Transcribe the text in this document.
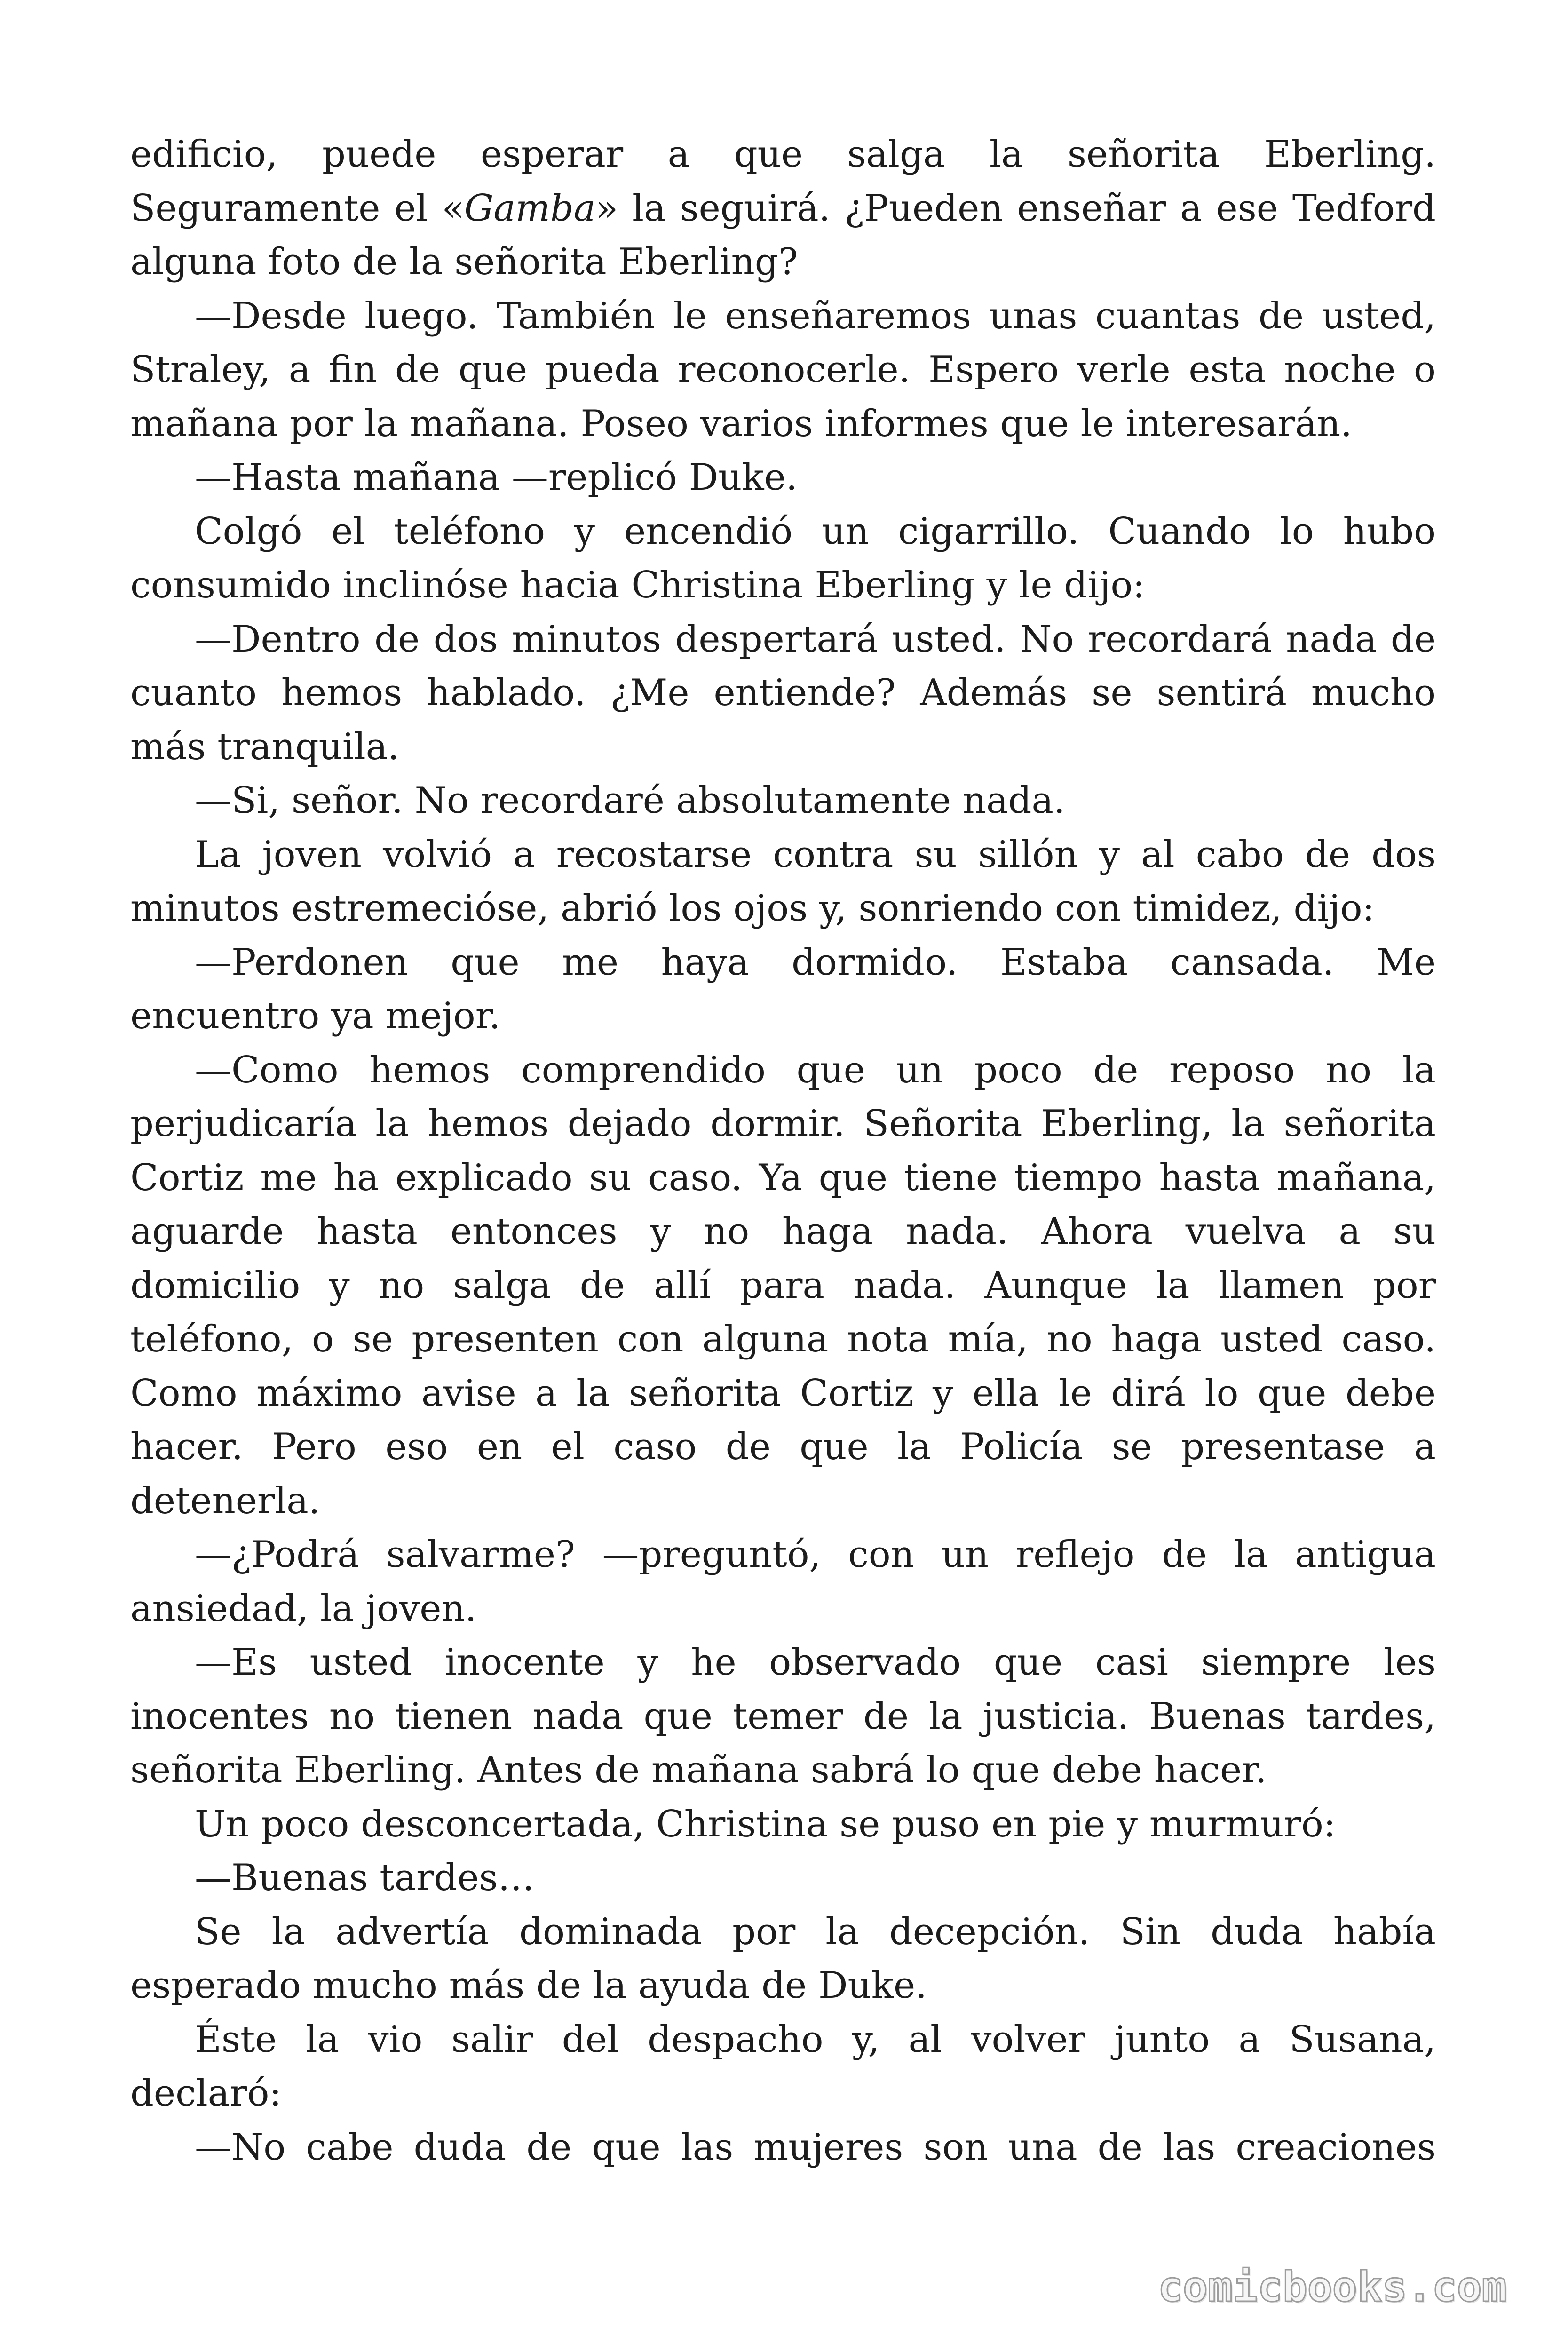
edificio, puede esperar a que salga la señorita Eberling.
Seguramente el «Gamba» la seguirá. ¿Pueden enseñar a ese Tedford
alguna foto de la señorita Eberling?
—Desde luego. También le enseñaremos unas cuantas de usted,
Straley, a fin de que pueda reconocerle. Espero verle esta noche o
mañana por la mañana. Poseo varios informes que le interesarán.
—Hasta mañana —replicó Duke.
Colgó el teléfono y encendió un cigarrillo. Cuando lo hubo
consumido inclinóse hacia Christina Eberling y le dijo:
—Dentro de dos minutos despertará usted. No recordará nada de
cuanto hemos hablado. ¿Me entiende? Además se sentirá mucho
más tranquila.
—Si, señor. No recordaré absolutamente nada.
La joven volvió a recostarse contra su sillón y al cabo de dos
minutos estremecióse, abrió los ojos y, sonriendo con timidez, dijo:
—Perdonen que me haya dormido. Estaba cansada. Me
encuentro ya mejor.
—Como hemos comprendido que un poco de reposo no la
perjudicaría la hemos dejado dormir. Señorita Eberling, la señorita
Cortiz me ha explicado su caso. Ya que tiene tiempo hasta mañana,
aguarde hasta entonces y no haga nada. Ahora vuelva a su
domicilio y no salga de allí para nada. Aunque la llamen por
teléfono, o se presenten con alguna nota mía, no haga usted caso.
Como máximo avise a la señorita Cortiz y ella le dirá lo que debe
hacer. Pero eso en el caso de que la Policía se presentase a
detenerla.
—¿Podrá salvarme? —preguntó, con un reflejo de la antigua
ansiedad, la joven.
—Es usted inocente y he observado que casi siempre les
inocentes no tienen nada que temer de la justicia. Buenas tardes,
señorita Eberling. Antes de mañana sabrá lo que debe hacer.
Un poco desconcertada, Christina se puso en pie y murmuró:
—Buenas tardes…
Se la advertía dominada por la decepción. Sin duda había
esperado mucho más de la ayuda de Duke.
Éste la vio salir del despacho y, al volver junto a Susana,
declaró:
—No cabe duda de que las mujeres son una de las creaciones
comicbooks.com
